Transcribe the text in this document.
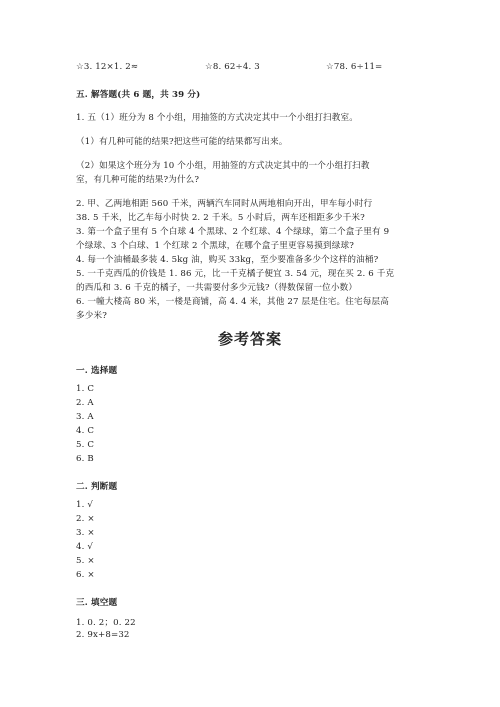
☆3. 12×1. 2≈	☆8. 62÷4. 3	☆78. 6÷11=
五. 解答题(共 6 题，共 39 分)
1. 五（1）班分为 8 个小组，用抽签的方式决定其中一个小组打扫教室。
（1）有几种可能的结果?把这些可能的结果都写出来。
（2）如果这个班分为 10 个小组，用抽签的方式决定其中的一个小组打扫教
室，有几种可能的结果?为什么?
2. 甲、乙两地相距 560 千米，两辆汽车同时从两地相向开出，甲车每小时行
38. 5 千米，比乙车每小时快 2. 2 千米。5 小时后，两车还相距多少千米?
3. 第一个盒子里有 5 个白球 4 个黑球、2 个红球、4 个绿球，第二个盒子里有 9
个绿球、3 个白球、1 个红球 2 个黑球，在哪个盒子里更容易摸到绿球?
4. 每一个油桶最多装 4. 5kg 油，购买 33kg，至少要准备多少个这样的油桶?
5. 一千克西瓜的价钱是 1. 86 元，比一千克橘子便宜 3. 54 元，现在买 2. 6 千克
的西瓜和 3. 6 千克的橘子，一共需要付多少元钱?（得数保留一位小数）
6. 一幢大楼高 80 米，一楼是商铺，高 4. 4 米，其他 27 层是住宅。住宅每层高
多少米?
参考答案
一. 选择题
1. C
2. A
3. A
4. C
5. C
6. B
二. 判断题
1. √
2. ×
3. ×
4. √
5. ×
6. ×
三. 填空题
1. 0. 2；0. 22
2. 9x+8=32
